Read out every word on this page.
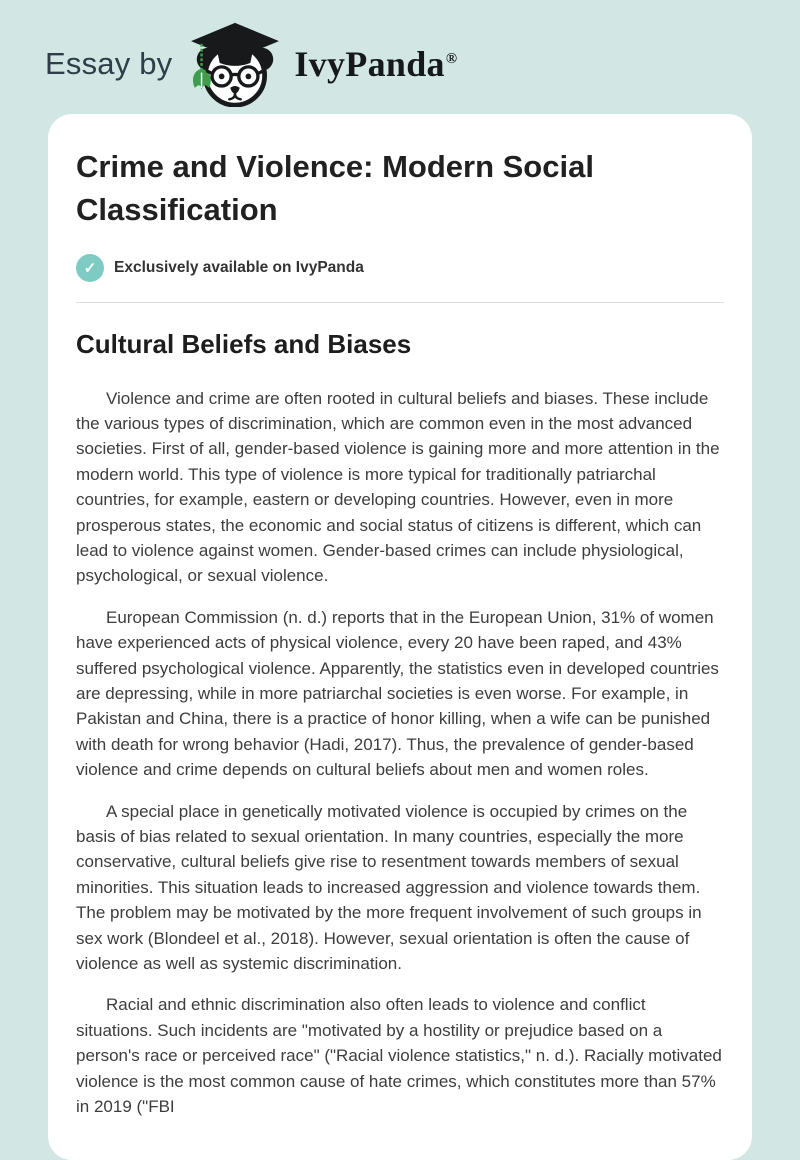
Essay by	IvyPanda®
Crime and Violence: Modern Social Classification
✓	Exclusively available on IvyPanda
Cultural Beliefs and Biases

Violence and crime are often rooted in cultural beliefs and biases. These include the various types of discrimination, which are common even in the most advanced societies. First of all, gender-based violence is gaining more and more attention in the modern world. This type of violence is more typical for traditionally patriarchal countries, for example, eastern or developing countries. However, even in more prosperous states, the economic and social status of citizens is different, which can lead to violence against women. Gender-based crimes can include physiological, psychological, or sexual violence.

European Commission (n. d.) reports that in the European Union, 31% of women have experienced acts of physical violence, every 20 have been raped, and 43% suffered psychological violence. Apparently, the statistics even in developed countries are depressing, while in more patriarchal societies is even worse. For example, in Pakistan and China, there is a practice of honor killing, when a wife can be punished with death for wrong behavior (Hadi, 2017). Thus, the prevalence of gender-based violence and crime depends on cultural beliefs about men and women roles.

A special place in genetically motivated violence is occupied by crimes on the basis of bias related to sexual orientation. In many countries, especially the more conservative, cultural beliefs give rise to resentment towards members of sexual minorities. This situation leads to increased aggression and violence towards them. The problem may be motivated by the more frequent involvement of such groups in sex work (Blondeel et al., 2018). However, sexual orientation is often the cause of violence as well as systemic discrimination.

Racial and ethnic discrimination also often leads to violence and conflict situations. Such incidents are "motivated by a hostility or prejudice based on a person's race or perceived race" ("Racial violence statistics," n. d.). Racially motivated violence is the most common cause of hate crimes, which constitutes more than 57% in 2019 ("FBI
